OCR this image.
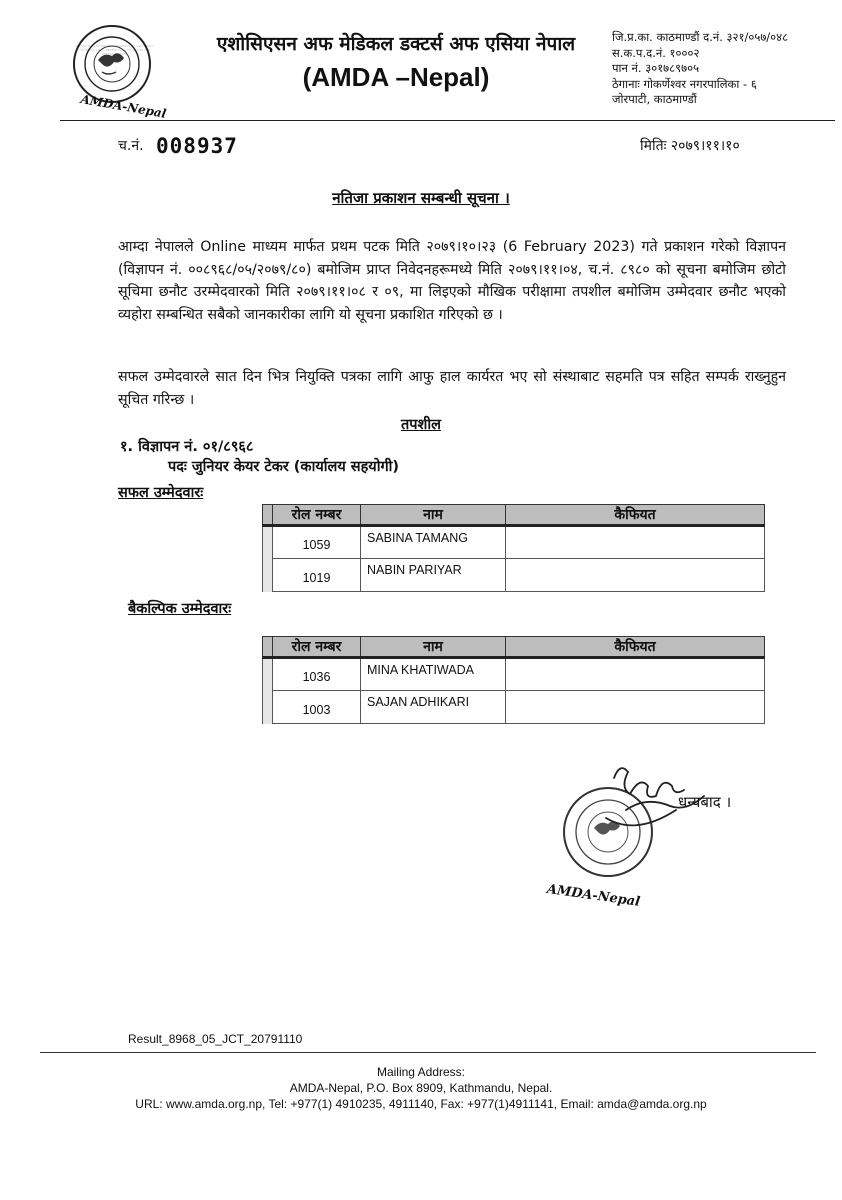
ASSOCIATION OF MEDICAL DOCTORS OF ASIA NEPAL · FOUNDED 1994 · BETTER QUALITY OF LIFE FOR BETTER FUTURE
AMDA-Nepal
एशोसिएसन अफ मेडिकल डक्टर्स अफ एसिया नेपाल
(AMDA –Nepal)
जि.प्र.का. काठमाण्डौं द.नं. ३२१/०५७/०४८
स.क.प.द.नं. १०००२
पान नं. ३०१७८९७०५
ठेगानाः गोकर्णेश्वर नगरपालिका - ६
जोरपाटी, काठमाण्डौं
च.नं. 008937	मितिः २०७९।११।१०
नतिजा प्रकाशन सम्बन्धी सूचना ।
आम्दा नेपालले Online माध्यम मार्फत प्रथम पटक मिति २०७९।१०।२३ (6 February 2023) गते प्रकाशन गरेको विज्ञापन (विज्ञापन नं. ००८९६८/०५/२०७९/८०) बमोजिम प्राप्त निवेदनहरूमध्ये मिति २०७९।११।०४, च.नं. ८९८० को सूचना बमोजिम छोटो सूचिमा छनौट उरम्मेदवारको मिति २०७९।११।०८ र ०९, मा लिइएको मौखिक परीक्षामा तपशील बमोजिम उम्मेदवार छनौट भएको व्यहोरा सम्बन्धित सबैको जानकारीका लागि यो सूचना प्रकाशित गरिएको छ ।
सफल उम्मेदवारले सात दिन भित्र नियुक्ति पत्रका लागि आफु हाल कार्यरत भए सो संस्थाबाट सहमति पत्र सहित सम्पर्क राख्नुहुन सूचित गरिन्छ ।
तपशील
१. विज्ञापन नं. ०१/८९६८
पदः जुनियर केयर टेकर (कार्यालय सहयोगी)
सफल उम्मेदवारः
	रोल नम्बर	नाम	कैफियत
	1059	SABINA TAMANG	
	1019	NABIN PARIYAR	
बैकल्पिक उम्मेदवारः
	रोल नम्बर	नाम	कैफियत
	1036	MINA KHATIWADA	
	1003	SAJAN ADHIKARI	
AMDA-Nepal
धन्यबाद ।
Result_8968_05_JCT_20791110
Mailing Address:
AMDA-Nepal, P.O. Box 8909, Kathmandu, Nepal.
URL: www.amda.org.np, Tel: +977(1) 4910235, 4911140, Fax: +977(1)4911141, Email: amda@amda.org.np
